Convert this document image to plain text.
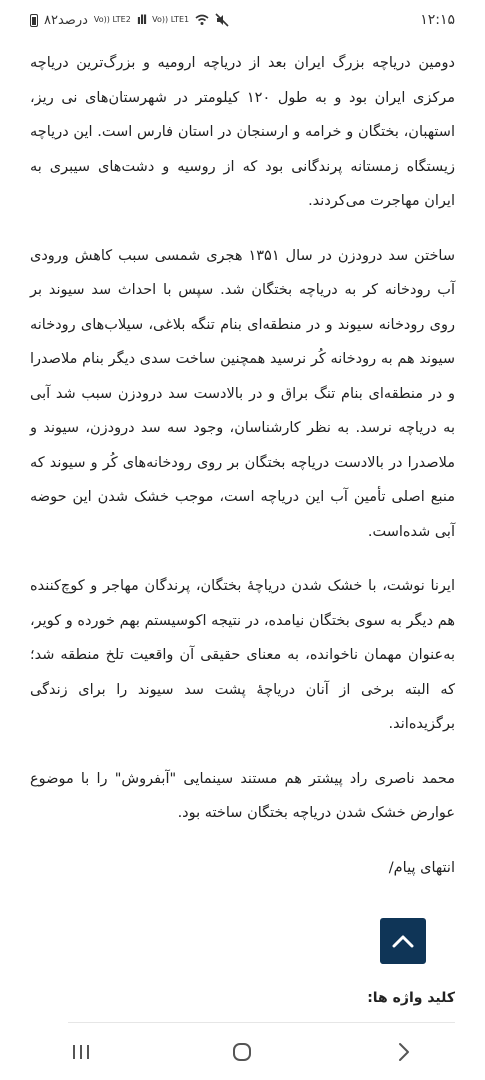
۸۲درصد Vo)) LTE2 ıll Vo)) LTE1	۱۲:۱۵

دومین دریاچه بزرگ ایران بعد از دریاچه ارومیه و بزرگ‌ترین دریاچه مرکزی ایران بود و به طول ۱۲۰ کیلومتر در شهرستان‌های نی ریز، استهبان، بختگان و خرامه و ارسنجان در استان فارس است. این دریاچه زیستگاه زمستانه پرندگانی بود که از روسیه و دشت‌های سیبری به ایران مهاجرت می‌کردند.

ساختن سد درودزن در سال ۱۳۵۱ هجری شمسی سبب کاهش ورودی آب رودخانه کر به دریاچه بختگان شد. سپس با احداث سد سیوند بر روی رودخانه سیوند و در منطقه‌ای بنام تنگه بلاغی، سیلاب‌های رودخانه سیوند هم به رودخانه کُر نرسید همچنین ساخت سدی دیگر بنام ملاصدرا و در منطقه‌ای بنام تنگ براق و در بالادست سد درودزن سبب شد آبی به دریاچه نرسد. به نظر کارشناسان، وجود سه سد درودزن، سیوند و ملاصدرا در بالادست دریاچه بختگان بر روی رودخانه‌های کُر و سیوند که منبع اصلی تأمین آب این دریاچه است، موجب خشک شدن این حوضه آبی شده‌است.

ایرنا نوشت، با خشک شدن دریاچهٔ بختگان، پرندگان مهاجر و کوچ‌کننده هم دیگر به سوی بختگان نیامده، در نتیجه اکوسیستم بهم خورده و کویر، به‌عنوان مهمان ناخوانده، به معنای حقیقی آن واقعیت تلخ منطقه شد؛ که البته برخی از آنان دریاچهٔ پشت سد سیوند را برای زندگی برگزیده‌اند.

محمد ناصری راد پیشتر هم مستند سینمایی "آبفروش" را با موضوع عوارض خشک شدن دریاچه بختگان ساخته بود.

انتهای پیام/

کلید واژه ها:
